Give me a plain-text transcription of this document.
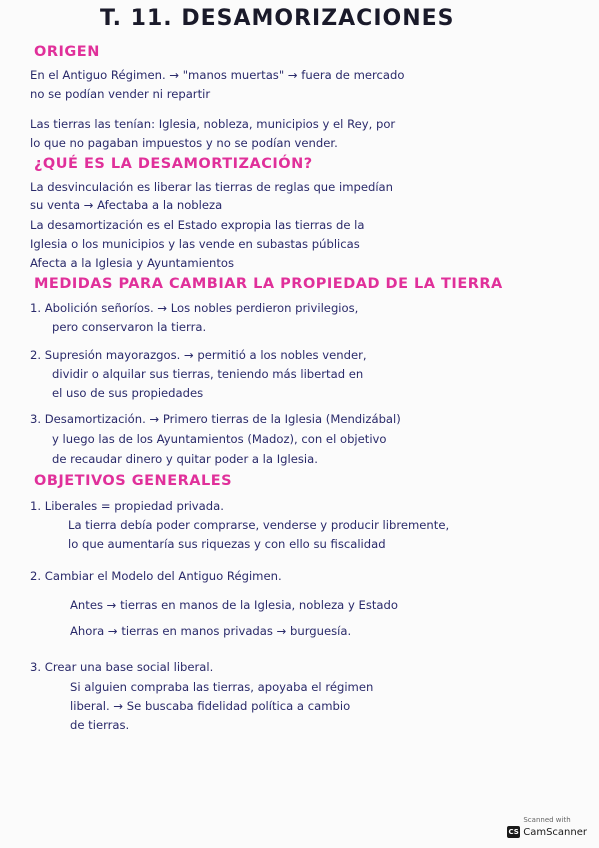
T. 11. DESAMORIZACIONES
ORIGEN
En el Antiguo Régimen. → "manos muertas" → fuera de mercado
no se podían vender ni repartir
Las tierras las tenían: Iglesia, nobleza, municipios y el Rey, por
lo que no pagaban impuestos y no se podían vender.
¿QUÉ ES LA DESAMORTIZACIÓN?
La desvinculación es liberar las tierras de reglas que impedían
su venta → Afectaba a la nobleza
La desamortización es el Estado expropia las tierras de la
Iglesia o los municipios y las vende en subastas públicas
Afecta a la Iglesia y Ayuntamientos
MEDIDAS PARA CAMBIAR LA PROPIEDAD DE LA TIERRA
1. Abolición señoríos. → Los nobles perdieron privilegios,
pero conservaron la tierra.
2. Supresión mayorazgos. → permitió a los nobles vender,
dividir o alquilar sus tierras, teniendo más libertad en
el uso de sus propiedades
3. Desamortización. → Primero tierras de la Iglesia (Mendizábal)
y luego las de los Ayuntamientos (Madoz), con el objetivo
de recaudar dinero y quitar poder a la Iglesia.
OBJETIVOS GENERALES
1. Liberales = propiedad privada.
La tierra debía poder comprarse, venderse y producir libremente,
lo que aumentaría sus riquezas y con ello su fiscalidad
2. Cambiar el Modelo del Antiguo Régimen.
Antes → tierras en manos de la Iglesia, nobleza y Estado
Ahora → tierras en manos privadas → burguesía.
3. Crear una base social liberal.
Si alguien compraba las tierras, apoyaba el régimen
liberal. → Se buscaba fidelidad política a cambio
de tierras.
Scanned with
CS CamScanner
